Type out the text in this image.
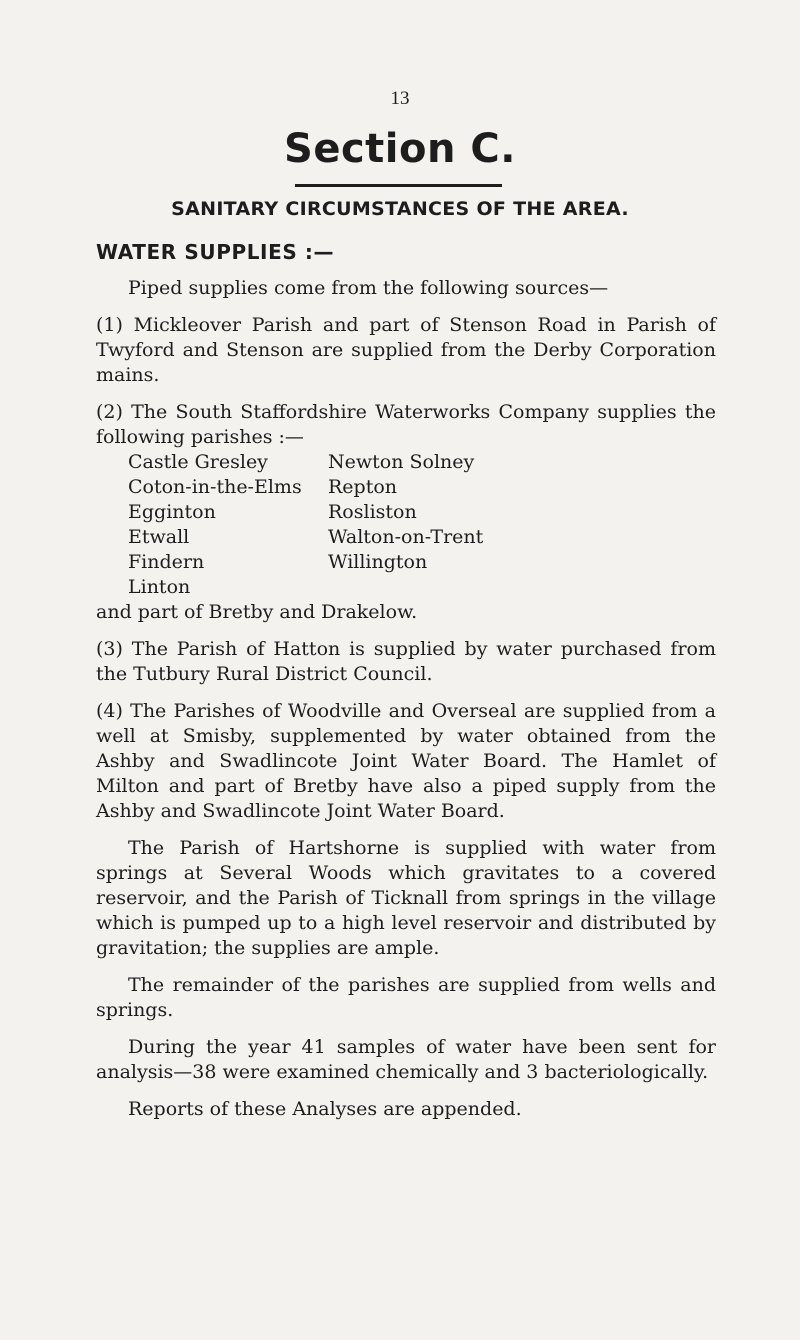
13
Section C.
SANITARY CIRCUMSTANCES OF THE AREA.
WATER SUPPLIES :—

Piped supplies come from the following sources—

(1) Mickleover Parish and part of Stenson Road in Parish of Twyford and Stenson are supplied from the Derby Corporation mains.

(2) The South Staffordshire Waterworks Company supplies the following parishes :—

Castle Gresley
Coton-in-the-Elms
Egginton
Etwall
Findern
Linton
Newton Solney
Repton
Rosliston
Walton-on-Trent
Willington

and part of Bretby and Drakelow.

(3) The Parish of Hatton is supplied by water purchased from the Tutbury Rural District Council.

(4) The Parishes of Woodville and Overseal are supplied from a well at Smisby, supplemented by water obtained from the Ashby and Swadlincote Joint Water Board. The Hamlet of Milton and part of Bretby have also a piped supply from the Ashby and Swadlincote Joint Water Board.

The Parish of Hartshorne is supplied with water from springs at Several Woods which gravitates to a covered reservoir, and the Parish of Ticknall from springs in the village which is pumped up to a high level reservoir and distributed by gravitation; the supplies are ample.

The remainder of the parishes are supplied from wells and springs.

During the year 41 samples of water have been sent for analysis—38 were examined chemically and 3 bacteriologically.

Reports of these Analyses are appended.
